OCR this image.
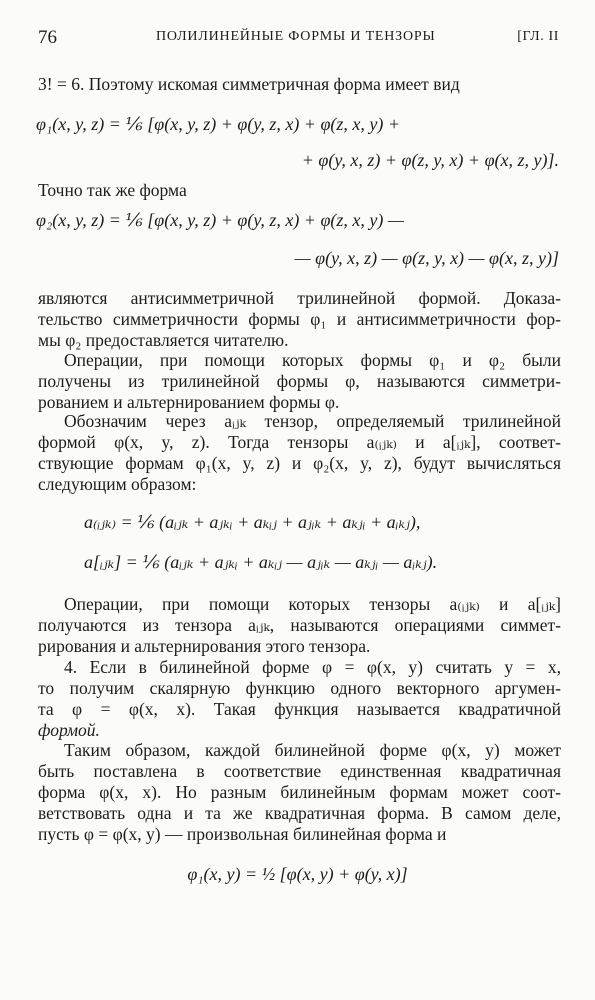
76	ПОЛИЛИНЕЙНЫЕ ФОРМЫ И ТЕНЗОРЫ	[ГЛ. II
3! = 6. Поэтому искомая симметричная форма имеет вид
φ₁(x, y, z) = ⅙ [φ(x, y, z) + φ(y, z, x) + φ(z, x, y) +
+ φ(y, x, z) + φ(z, y, x) + φ(x, z, y)].
Точно так же форма
φ₂(x, y, z) = ⅙ [φ(x, y, z) + φ(y, z, x) + φ(z, x, y) —
— φ(y, x, z) — φ(z, y, x) — φ(x, z, y)]
являются антисимметричной трилинейной формой. Доказа-
тельство симметричности формы φ₁ и антисимметричности фор-
мы φ₂ предоставляется читателю.
Операции, при помощи которых формы φ₁ и φ₂ были
получены из трилинейной формы φ, называются симметри-
рованием и альтернированием формы φ.
Обозначим через aᵢⱼₖ тензор, определяемый трилинейной
формой φ(x, y, z). Тогда тензоры a₍ᵢⱼₖ₎ и a[ᵢⱼₖ], соответ-
ствующие формам φ₁(x, y, z) и φ₂(x, y, z), будут вычисляться
следующим образом:
a₍ᵢⱼₖ₎ = ⅙ (aᵢⱼₖ + aⱼₖᵢ + aₖᵢⱼ + aⱼᵢₖ + aₖⱼᵢ + aᵢₖⱼ),
a[ᵢⱼₖ] = ⅙ (aᵢⱼₖ + aⱼₖᵢ + aₖᵢⱼ — aⱼᵢₖ — aₖⱼᵢ — aᵢₖⱼ).
Операции, при помощи которых тензоры a₍ᵢⱼₖ₎ и a[ᵢⱼₖ]
получаются из тензора aᵢⱼₖ, называются операциями симмет-
рирования и альтернирования этого тензора.
4. Если в билинейной форме φ = φ(x, y) считать y = x,
то получим скалярную функцию одного векторного аргумен-
та φ = φ(x, x). Такая функция называется квадратичной
формой.
Таким образом, каждой билинейной форме φ(x, y) может
быть поставлена в соответствие единственная квадратичная
форма φ(x, x). Но разным билинейным формам может соот-
ветствовать одна и та же квадратичная форма. В самом деле,
пусть φ = φ(x, y) — произвольная билинейная форма и
φ₁(x, y) = ½ [φ(x, y) + φ(y, x)]
